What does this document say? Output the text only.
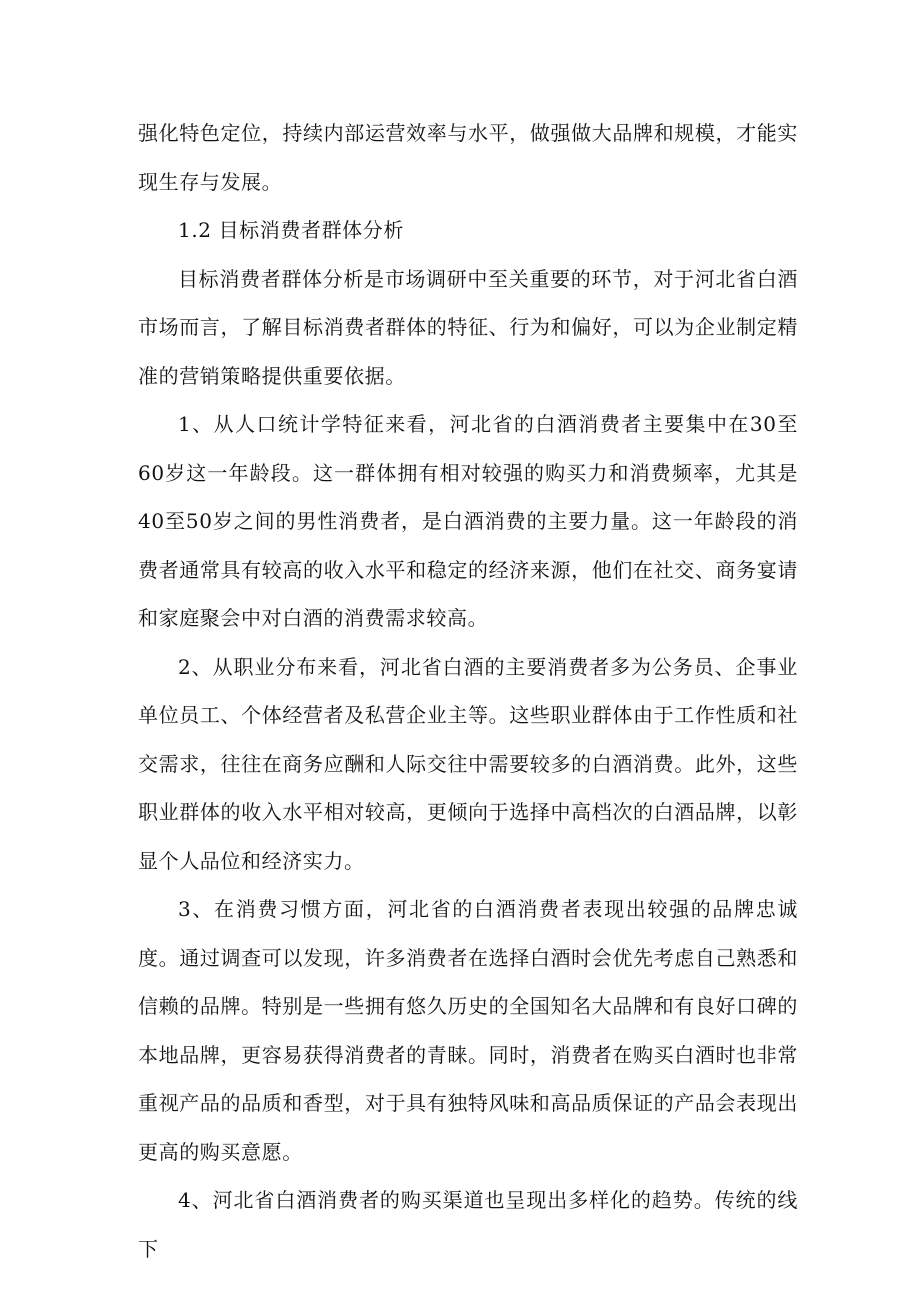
强化特色定位，持续内部运营效率与水平，做强做大品牌和规模，才能实现生存与发展。

1.2 目标消费者群体分析

目标消费者群体分析是市场调研中至关重要的环节，对于河北省白酒市场而言，了解目标消费者群体的特征、行为和偏好，可以为企业制定精准的营销策略提供重要依据。

1、从人口统计学特征来看，河北省的白酒消费者主要集中在30至60岁这一年龄段。这一群体拥有相对较强的购买力和消费频率，尤其是40至50岁之间的男性消费者，是白酒消费的主要力量。这一年龄段的消费者通常具有较高的收入水平和稳定的经济来源，他们在社交、商务宴请和家庭聚会中对白酒的消费需求较高。

2、从职业分布来看，河北省白酒的主要消费者多为公务员、企事业单位员工、个体经营者及私营企业主等。这些职业群体由于工作性质和社交需求，往往在商务应酬和人际交往中需要较多的白酒消费。此外，这些职业群体的收入水平相对较高，更倾向于选择中高档次的白酒品牌，以彰显个人品位和经济实力。

3、在消费习惯方面，河北省的白酒消费者表现出较强的品牌忠诚度。通过调查可以发现，许多消费者在选择白酒时会优先考虑自己熟悉和信赖的品牌。特别是一些拥有悠久历史的全国知名大品牌和有良好口碑的本地品牌，更容易获得消费者的青睐。同时，消费者在购买白酒时也非常重视产品的品质和香型，对于具有独特风味和高品质保证的产品会表现出更高的购买意愿。

4、河北省白酒消费者的购买渠道也呈现出多样化的趋势。传统的线下
